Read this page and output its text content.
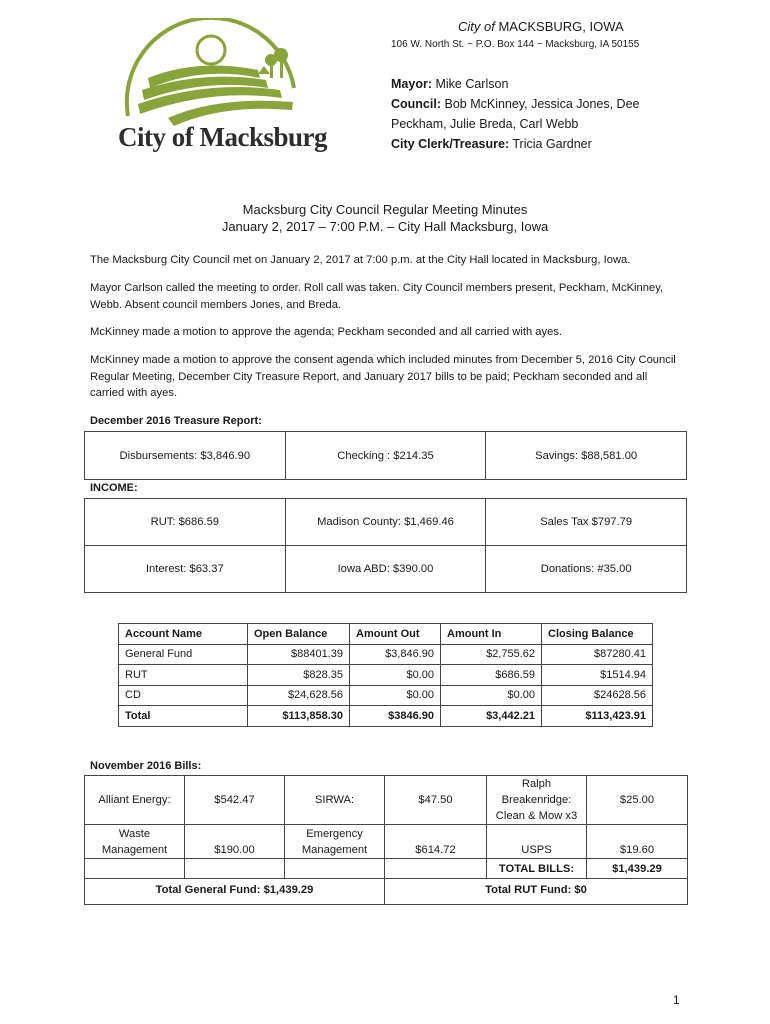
City of Macksburg
City of MACKSBURG, IOWA
106 W. North St. ~ P.O. Box 144 ~ Macksburg, IA 50155
Mayor: Mike Carlson
Council: Bob McKinney, Jessica Jones, Dee Peckham, Julie Breda, Carl Webb
City Clerk/Treasure: Tricia Gardner
Macksburg City Council Regular Meeting Minutes
January 2, 2017 – 7:00 P.M. – City Hall Macksburg, Iowa
The Macksburg City Council met on January 2, 2017 at 7:00 p.m. at the City Hall located in Macksburg, Iowa.
Mayor Carlson called the meeting to order. Roll call was taken. City Council members present, Peckham, McKinney, Webb. Absent council members Jones, and Breda.
McKinney made a motion to approve the agenda; Peckham seconded and all carried with ayes.
McKinney made a motion to approve the consent agenda which included minutes from December 5, 2016 City Council Regular Meeting, December City Treasure Report, and January 2017 bills to be paid; Peckham seconded and all carried with ayes.
December 2016 Treasure Report:
Disbursements: $3,846.90	Checking : $214.35	Savings: $88,581.00
INCOME:
RUT: $686.59	Madison County: $1,469.46	Sales Tax $797.79
Interest: $63.37	Iowa ABD: $390.00	Donations: #35.00
Account Name	Open Balance	Amount Out	Amount In	Closing Balance
General Fund	$88401.39	$3,846.90	$2,755.62	$87280.41
RUT	$828.35	$0.00	$686.59	$1514.94
CD	$24,628.56	$0.00	$0.00	$24628.56
Total	$113,858.30	$3846.90	$3,442.21	$113,423.91
November 2016 Bills:
Alliant Energy:	$542.47	SIRWA:	$47.50	Ralph Breakenridge: Clean & Mow x3	$25.00
Waste Management	$190.00	Emergency Management	$614.72	USPS	$19.60
				TOTAL BILLS:	$1,439.29
Total General Fund: $1,439.29			Total RUT Fund: $0		
1
